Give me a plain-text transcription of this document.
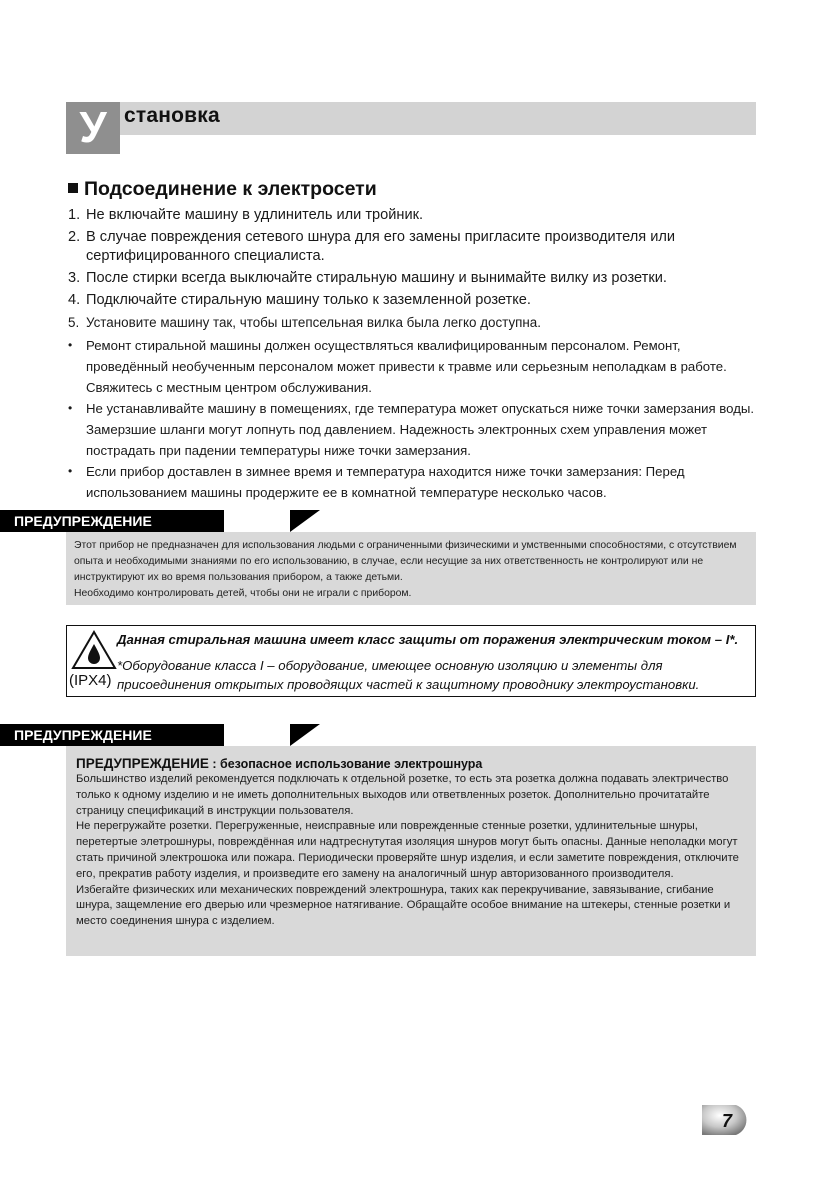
У становка
Подсоединение к электросети
1. Не включайте машину в удлинитель или тройник.
2. В случае повреждения сетевого шнура для его замены пригласите производителя или сертифицированного специалиста.
3. После стирки всегда выключайте стиральную машину и вынимайте вилку из розетки.
4. Подключайте стиральную машину только к заземленной розетке.
5. Установите машину так, чтобы штепсельная вилка была легко доступна.
• Ремонт стиральной машины должен осуществляться квалифицированным персоналом. Ремонт, проведённый необученным персоналом может привести к травме или серьезным неполадкам в работе. Свяжитесь с местным центром обслуживания.
• Не устанавливайте машину в помещениях, где температура может опускаться ниже точки замерзания воды. Замерзшие шланги могут лопнуть под давлением. Надежность электронных схем управления может пострадать при падении температуры ниже точки замерзания.
• Если прибор доставлен в зимнее время и температура находится ниже точки замерзания: Перед использованием машины продержите ее в комнатной температуре несколько часов.
ПРЕДУПРЕЖДЕНИЕ

Этот прибор не предназначен для использования людьми с ограниченными физическими и умственными способностями, с отсутствием опыта и необходимыми знаниями по его использованию, в случае, если несущие за них ответственность не контролируют или не инструктируют их во время пользования прибором, а также детьми.

Необходимо контролировать детей, чтобы они не играли с прибором.

(IPX4)
Данная стиральная машина имеет класс защиты от поражения электрическим током – I*.
*Оборудование класса I – оборудование, имеющее основную изоляцию и элементы для присоединения открытых проводящих частей к защитному проводнику электроустановки.
ПРЕДУПРЕЖДЕНИЕ
ПРЕДУПРЕЖДЕНИЕ : безопасное использование электрошнура

Большинство изделий рекомендуется подключать к отдельной розетке, то есть эта розетка должна подавать электричество только к одному изделию и не иметь дополнительных выходов или ответвленных розеток. Дополнительно прочитатайте страницу спецификаций в инструкции пользователя.

Не перегружайте розетки. Перегруженные, неисправные или поврежденные стенные розетки, удлинительные шнуры, перетертые элетрошнуры, повреждённая или надтреснутутая изоляция шнуров могут быть опасны. Данные неполадки могут стать причиной электрошока или пожара. Периодически проверяйте шнур изделия, и если заметите повреждения, отключите его, прекратив работу изделия, и произведите его замену на аналогичный шнур авторизованного производителя.

Избегайте физических или механических повреждений электрошнура, таких как перекручивание, завязывание, сгибание шнура, защемление его дверью или чрезмерное натягивание. Обращайте особое внимание на штекеры, стенные розетки и место соединения шнура с изделием.

7
